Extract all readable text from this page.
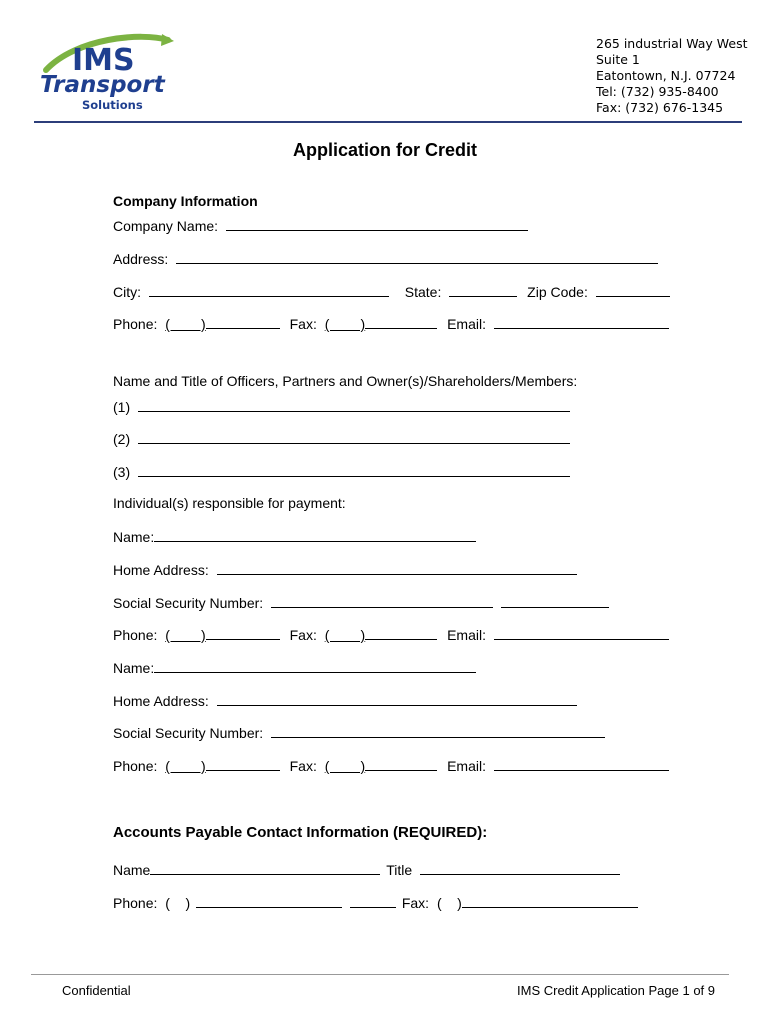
IMS
Transport
Solutions
265 industrial Way West
Suite 1
Eatontown, N.J. 07724
Tel: (732) 935-8400
Fax: (732) 676-1345
Application for Credit
Company Information
Company Name:
Address:
City:	State:	Zip Code:
Phone: (        )	Fax: (        )	Email:
Name and Title of Officers, Partners and Owner(s)/Shareholders/Members:
(1)
(2)
(3)
Individual(s) responsible for payment:
Name:
Home Address:
Social Security Number:
Phone: (        )	Fax: (        )	Email:
Name:
Home Address:
Social Security Number:
Phone: (        )	Fax: (        )	Email:
Accounts Payable Contact Information (REQUIRED):
Name	Title
Phone: (    )	Fax: (    )
Confidential	IMS Credit Application Page 1 of 9
